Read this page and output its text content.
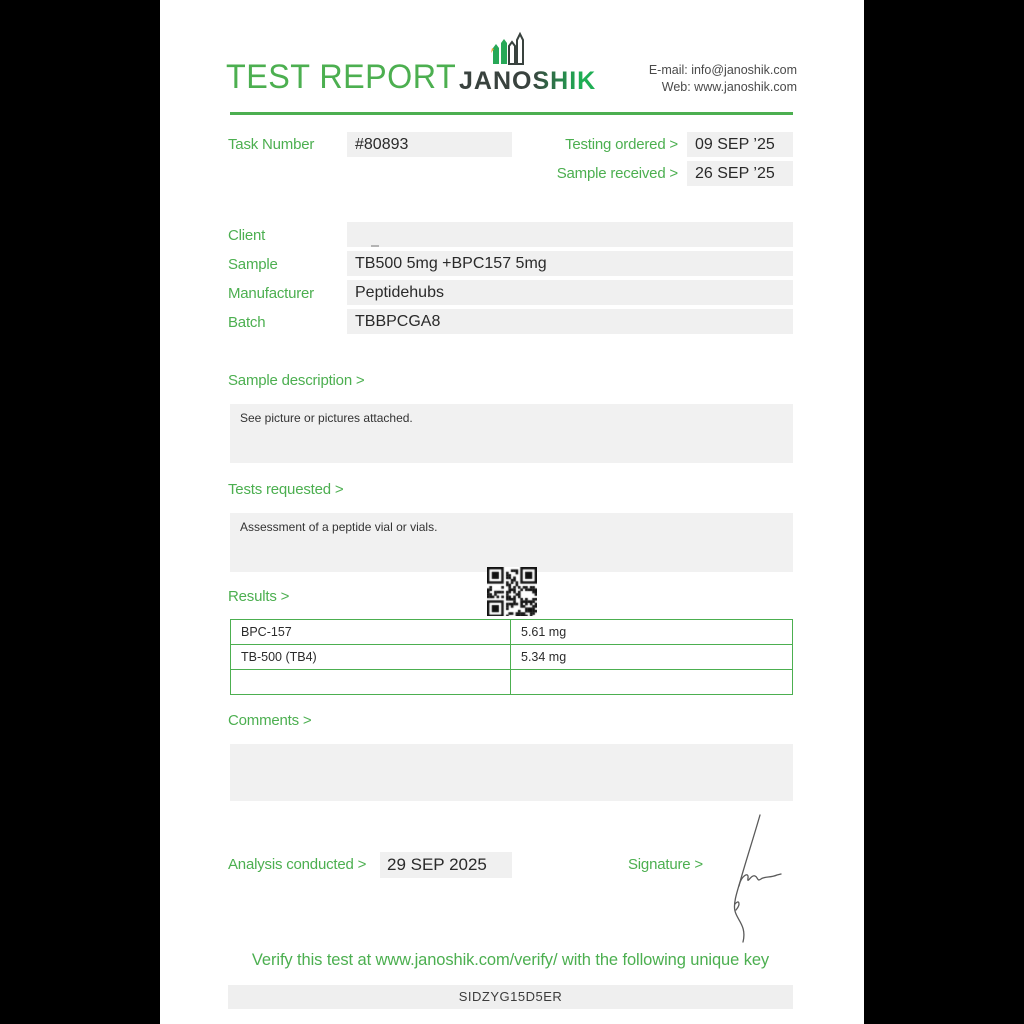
TEST REPORT JANOSHIK	E-mail: info@janoshik.com
Web: www.janoshik.com
Task Number	#80893	Testing ordered >	09 SEP ’25
Sample received >	26 SEP ’25
Client
Sample	TB500 5mg +BPC157 5mg
Manufacturer	Peptidehubs
Batch	TBBPCGA8
Sample description >
See picture or pictures attached.
Tests requested >
Assessment of a peptide vial or vials.
Results >
BPC-157	5.61 mg
TB-500 (TB4)	5.34 mg

Comments >
Analysis conducted >	29 SEP 2025	Signature >
Verify this test at www.janoshik.com/verify/ with the following unique key
SIDZYG15D5ER
